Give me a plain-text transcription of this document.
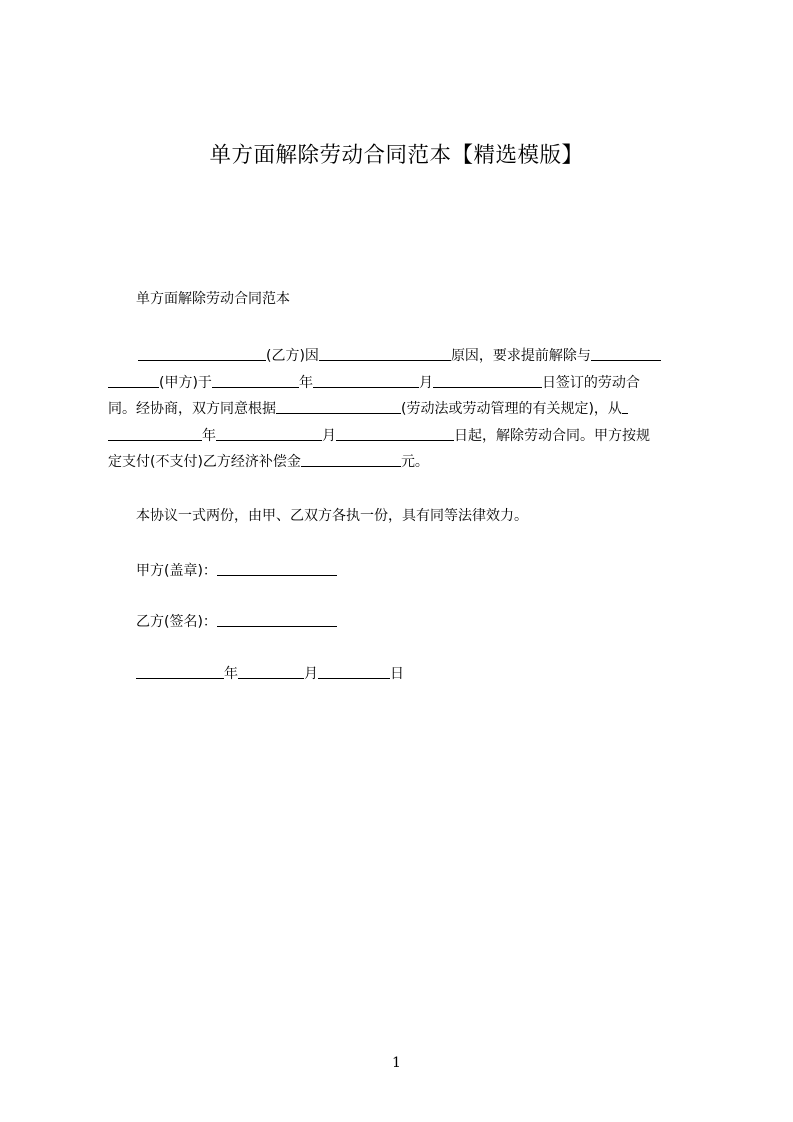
单方面解除劳动合同范本【精选模版】
单方面解除劳动合同范本
(乙方)因	原因，要求提前解除与
(甲方)于	年	月	日签订的劳动合
同。经协商，双方同意根据	(劳动法或劳动管理的有关规定)，从
年	月	日起，解除劳动合同。甲方按规
定支付(不支付)乙方经济补偿金	元。
本协议一式两份，由甲、乙双方各执一份，具有同等法律效力。
甲方(盖章)：
乙方(签名)：
年	月	日
1
